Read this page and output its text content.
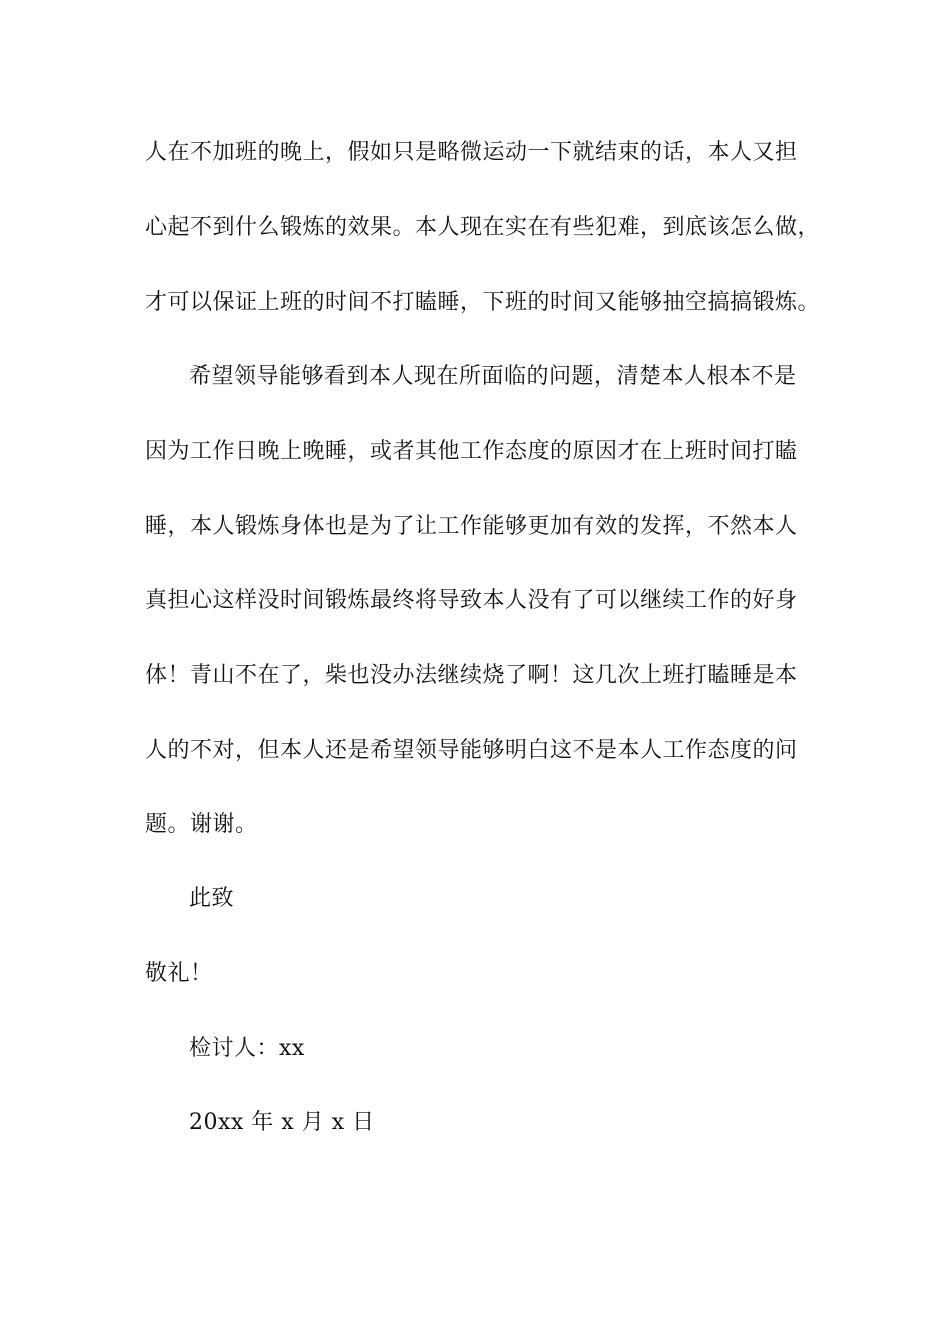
人在不加班的晚上，假如只是略微运动一下就结束的话，本人又担
心起不到什么锻炼的效果。本人现在实在有些犯难，到底该怎么做，
才可以保证上班的时间不打瞌睡，下班的时间又能够抽空搞搞锻炼。
希望领导能够看到本人现在所面临的问题，清楚本人根本不是
因为工作日晚上晚睡，或者其他工作态度的原因才在上班时间打瞌
睡，本人锻炼身体也是为了让工作能够更加有效的发挥，不然本人
真担心这样没时间锻炼最终将导致本人没有了可以继续工作的好身
体！青山不在了，柴也没办法继续烧了啊！这几次上班打瞌睡是本
人的不对，但本人还是希望领导能够明白这不是本人工作态度的问
题。谢谢。
此致
敬礼！
检讨人：xx
20xx 年 x 月 x 日
